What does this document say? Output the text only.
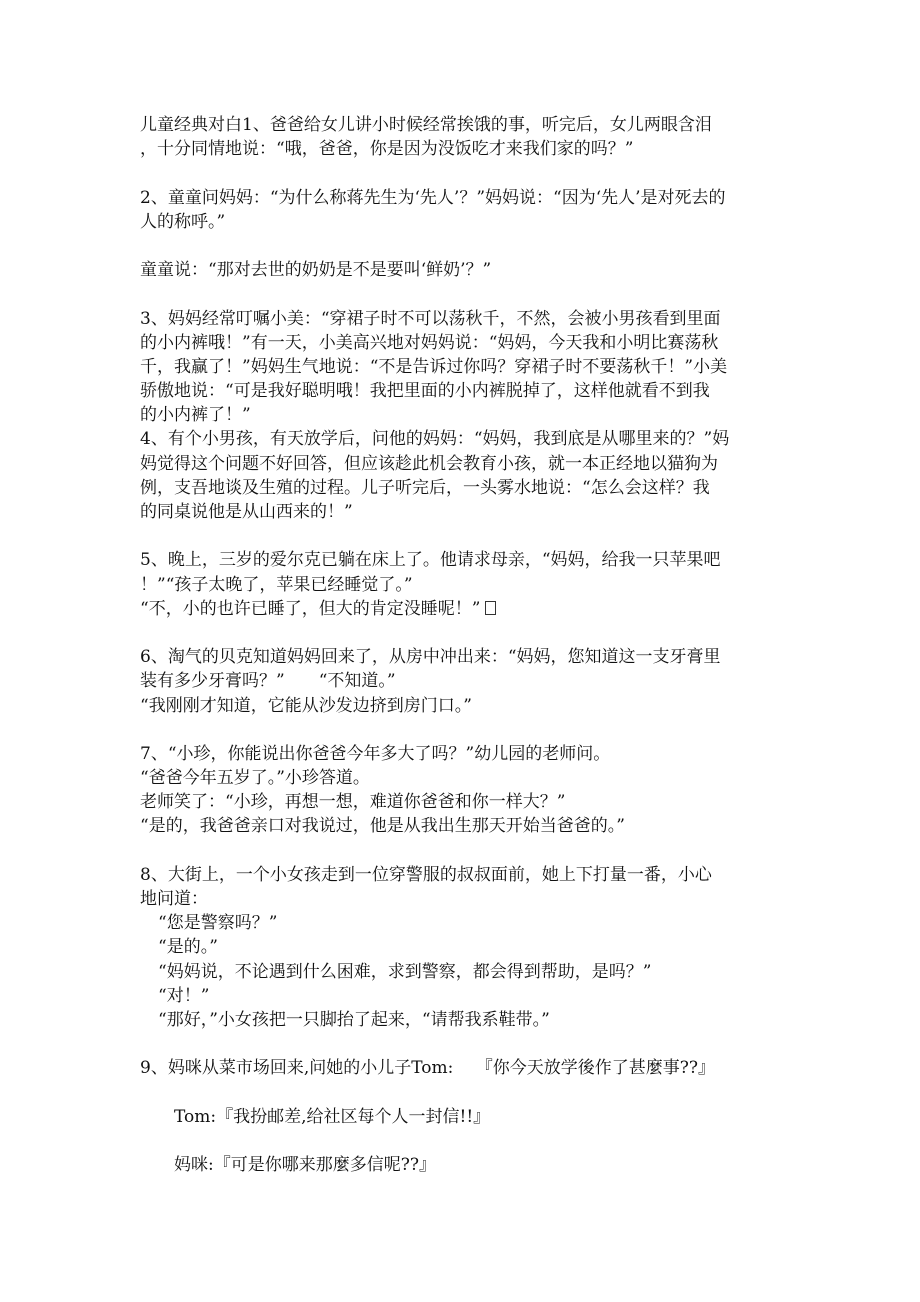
儿童经典对白1、爸爸给女儿讲小时候经常挨饿的事，听完后，女儿两眼含泪
，十分同情地说：“哦，爸爸，你是因为没饭吃才来我们家的吗？”
2、童童问妈妈：“为什么称蒋先生为‘先人’？”妈妈说：“因为‘先人’是对死去的
人的称呼。”
童童说：“那对去世的奶奶是不是要叫‘鲜奶’？”
3、妈妈经常叮嘱小美：“穿裙子时不可以荡秋千，不然，会被小男孩看到里面
的小内裤哦！”有一天，小美高兴地对妈妈说：“妈妈，今天我和小明比赛荡秋
千，我赢了！”妈妈生气地说：“不是告诉过你吗？穿裙子时不要荡秋千！”小美
骄傲地说：“可是我好聪明哦！我把里面的小内裤脱掉了，这样他就看不到我
的小内裤了！”
4、有个小男孩，有天放学后，问他的妈妈：“妈妈，我到底是从哪里来的？”妈
妈觉得这个问题不好回答，但应该趁此机会教育小孩，就一本正经地以猫狗为
例，支吾地谈及生殖的过程。儿子听完后，一头雾水地说：“怎么会这样？我
的同桌说他是从山西来的！”
5、晚上，三岁的爱尔克已躺在床上了。他请求母亲，“妈妈，给我一只苹果吧
！”“孩子太晚了，苹果已经睡觉了。”
“不，小的也许已睡了，但大的肯定没睡呢！”
6、淘气的贝克知道妈妈回来了，从房中冲出来：“妈妈，您知道这一支牙膏里
装有多少牙膏吗？”　　“不知道。”
“我刚刚才知道，它能从沙发边挤到房门口。”
7、“小珍，你能说出你爸爸今年多大了吗？”幼儿园的老师问。
“爸爸今年五岁了。”小珍答道。
老师笑了：“小珍，再想一想，难道你爸爸和你一样大？”
“是的，我爸爸亲口对我说过，他是从我出生那天开始当爸爸的。”
8、大街上，一个小女孩走到一位穿警服的叔叔面前，她上下打量一番，小心
地问道：
“您是警察吗？”
“是的。”
“妈妈说，不论遇到什么困难，求到警察，都会得到帮助，是吗？”
“对！”
“那好，”小女孩把一只脚抬了起来，“请帮我系鞋带。”
9、妈咪从菜市场回来,问她的小儿子Tom:　 『你今天放学後作了甚麼事??』
Tom:『我扮邮差,给社区每个人一封信!!』
妈咪:『可是你哪来那麼多信呢??』
